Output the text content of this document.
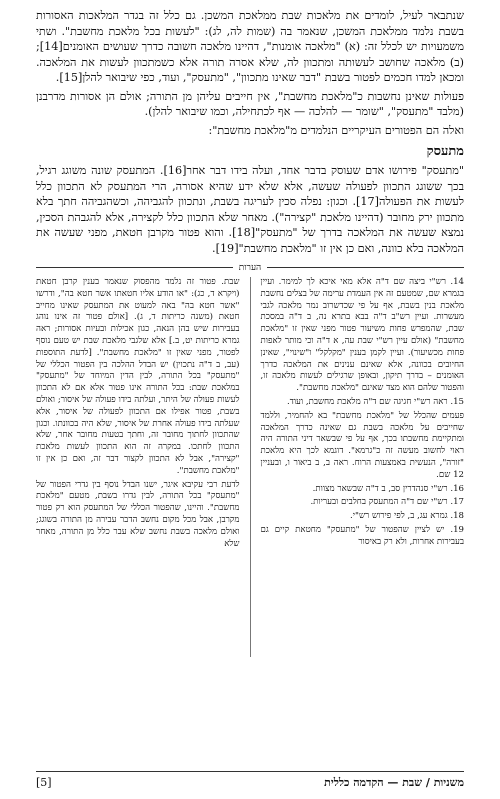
שנתבאר לעיל, לומדים את מלאכות שבת ממלאכת המשכן. גם כלל זה בגדר המלאכות האסורות בשבת נלמד ממלאכת המשכן, שנאמר בה (שמות לה, לג): "לעשות בכל מלאכת מחשבת". ושתי משמעויות יש לכלל זה: (א) "מלאכה אומנות", דהיינו מלאכה חשובה כדרך שעושים האומנים[14]; (ב) מלאכה שחושב לעשותה ומתכוון לה, שלא אסרה תורה אלא כשמתכוון לעשות את המלאכה. ומכאן למדו חכמים לפטור בשבת "דבר שאינו מתכוון", "מתעסק", ועוד, כפי שיבואר להלן[15].

פעולות שאינן נחשבות כ"מלאכת מחשבת", אין חייבים עליהן מן התורה; אולם הן אסורות מדרבנן (מלבד "מתעסק", "שומר — להלכה — אף לכתחילה, וכמו שיבואר להלן).

ואלה הם הפטורים העיקריים הנלמדים מ"מלאכת מחשבת":

מתעסק

"מתעסק" פירושו אדם שעוסק בדבר אחד, ועלה בידו דבר אחר[16]. המתעסק שונה משוגג רגיל, בכך ששוגג התכוון לפעולה שעשה, אלא שלא ידע שהיא אסורה, הרי המתעסק לא התכוון כלל לעשות את הפעולה[17]. וכגון: נפלה סכין לעריגה בשבת, ונתכוון להגביהה, וכשהגביהה חתך בלא מתכוון ירק מחובר (דהיינו מלאכת "קצירה"). מאחר שלא התכוון כלל לקצירה, אלא להגבהת הסכין, נמצא שעשה את המלאכה בדרך של "מתעסק"[18]. והוא פטור מקרבן חטאת, מפני שעשה את המלאכה בלא כוונה, ואם כן אין זו "מלאכת מחשבת"[19].

הערות

14. רש"י ביצה שם ד"ה אלא מאי איכא לך למימר. ועיין בגמרא שם, שמטעם זה אין העמדת ערימה של בצלים נחשבת מלאכת בנין בשבת, אף על פי שכדשרוב נמר מלאכה לגבי מעשרות. ועיין רש"ב ד"ה בבא בתרא נה, ב ד"ה במסכת שבת, שהמפרש פחות משיעור פטור מפני שאין זו "מלאכת מחשבת" (אולם עיין רש"י שבת עה, א ד"ה וכי מותר לאפות פחות מכשיעור). ועיין לקמן בענין "מקלקל" ו"שינוי", שאינן החיובים בכוונה, אלא שאינם ענינים את המלאכה כדרך האומנים – בדרך תיקון, ובאופן שרגילים לעשות מלאכה זו, והפטור שלהם הוא מצד שאינם "מלאכת מחשבת".

15. ראה רש"י חגיגה שם ד"ה מלאכת מחשבת, ועוד.

פעמים שהכלל של "מלאכת מחשבת" בא להחמיר, וללמד שחייבים על מלאכה בשבת גם שאינה כדרך המלאכה ומתקיימת מחשבתו בכך, אף על פי שבשאר דיני התורה היה ראוי לחשוב מעשה זה כ"גרמא". דוגמא לכך היא מלאכת "זורה", הנעשית באמצעות הרוח. ראה ב, ב ביאור ו, ובעניין 12 שם.

16. רש"י סנהדרין סב, ב ד"ה שבשאר מצוות.

17. רש"י שם ד"ה המתעסק בחלבים ובעריות.

18. גמרא עג, ב, לפי פירוש רש"י.

19. יש לציין שהפטור של "מתעסק" מחטאת קיים גם בעבירות אחרות, ולא רק באיסור

שבת. פטור זה נלמד מהפסוק שנאמר בענין קרבן חטאת (ויקרא ד, כג): "או הודע אליו חטאתו אשר חטא בה", ודרשו "אשר חטא בה" באה למעוט את המתעסק שאינו מחייב חטאת (משנה כריתות ד, ג). [אולם פטור זה אינו נוהג בעבירות שיש בהן הנאה, כגון אכילות ובעיות אסורות; ראה גמרא כריתות יט, ב.] אלא שלגבי מלאכת שבת יש טעם נוסף לפטור, מפני שאין זו "מלאכת מחשבת". [לדעת התוספות (עב, ב ד"ה נתכוין) יש הבדל ההלכה בין הפטור הכללי של "מתעסק" בכל התורה, לבין הדין המיוחד של "מתעסק" במלאכת שבת: בכל התורה אינו פטור אלא אם לא התכוון לעשות פעולה של היתר, ועלתה בידו פעולה של איסור; ואולם בשבת, פטור אפילו אם התכוון לפעולה של איסור, אלא שעלתה בידו פעולה אחרת של איסור, שלא היה בכוונתו. וכגון שהתכוון לחתוך מחובר זה, וחתך בטעות מחובר אחר, שלא התכוון לחתכו. במקרה זה הוא התכוון לעשות מלאכת "קצירה", אבל לא התכוון לקצור דבר זה, ואם כן אין זו "מלאכת מחשבת".

לדעת רבי עקיבא איגר, ישנו הבדל נוסף בין גדרי הפטור של "מתעסק" בכל התורה, לבין גדרו בשבת, מטעם "מלאכת מחשבת". והיינו, שהפטור הכללי של המתעסק הוא רק פטור מקרבן, אבל מכל מקום נחשב הדבר עבירה מן התורה בשוגג; ואולם מלאכה בשבת נחשב שלא עבר כלל מן התורה, מאחר שלא

משניות / שבת — הקדמה כללית
[5]
